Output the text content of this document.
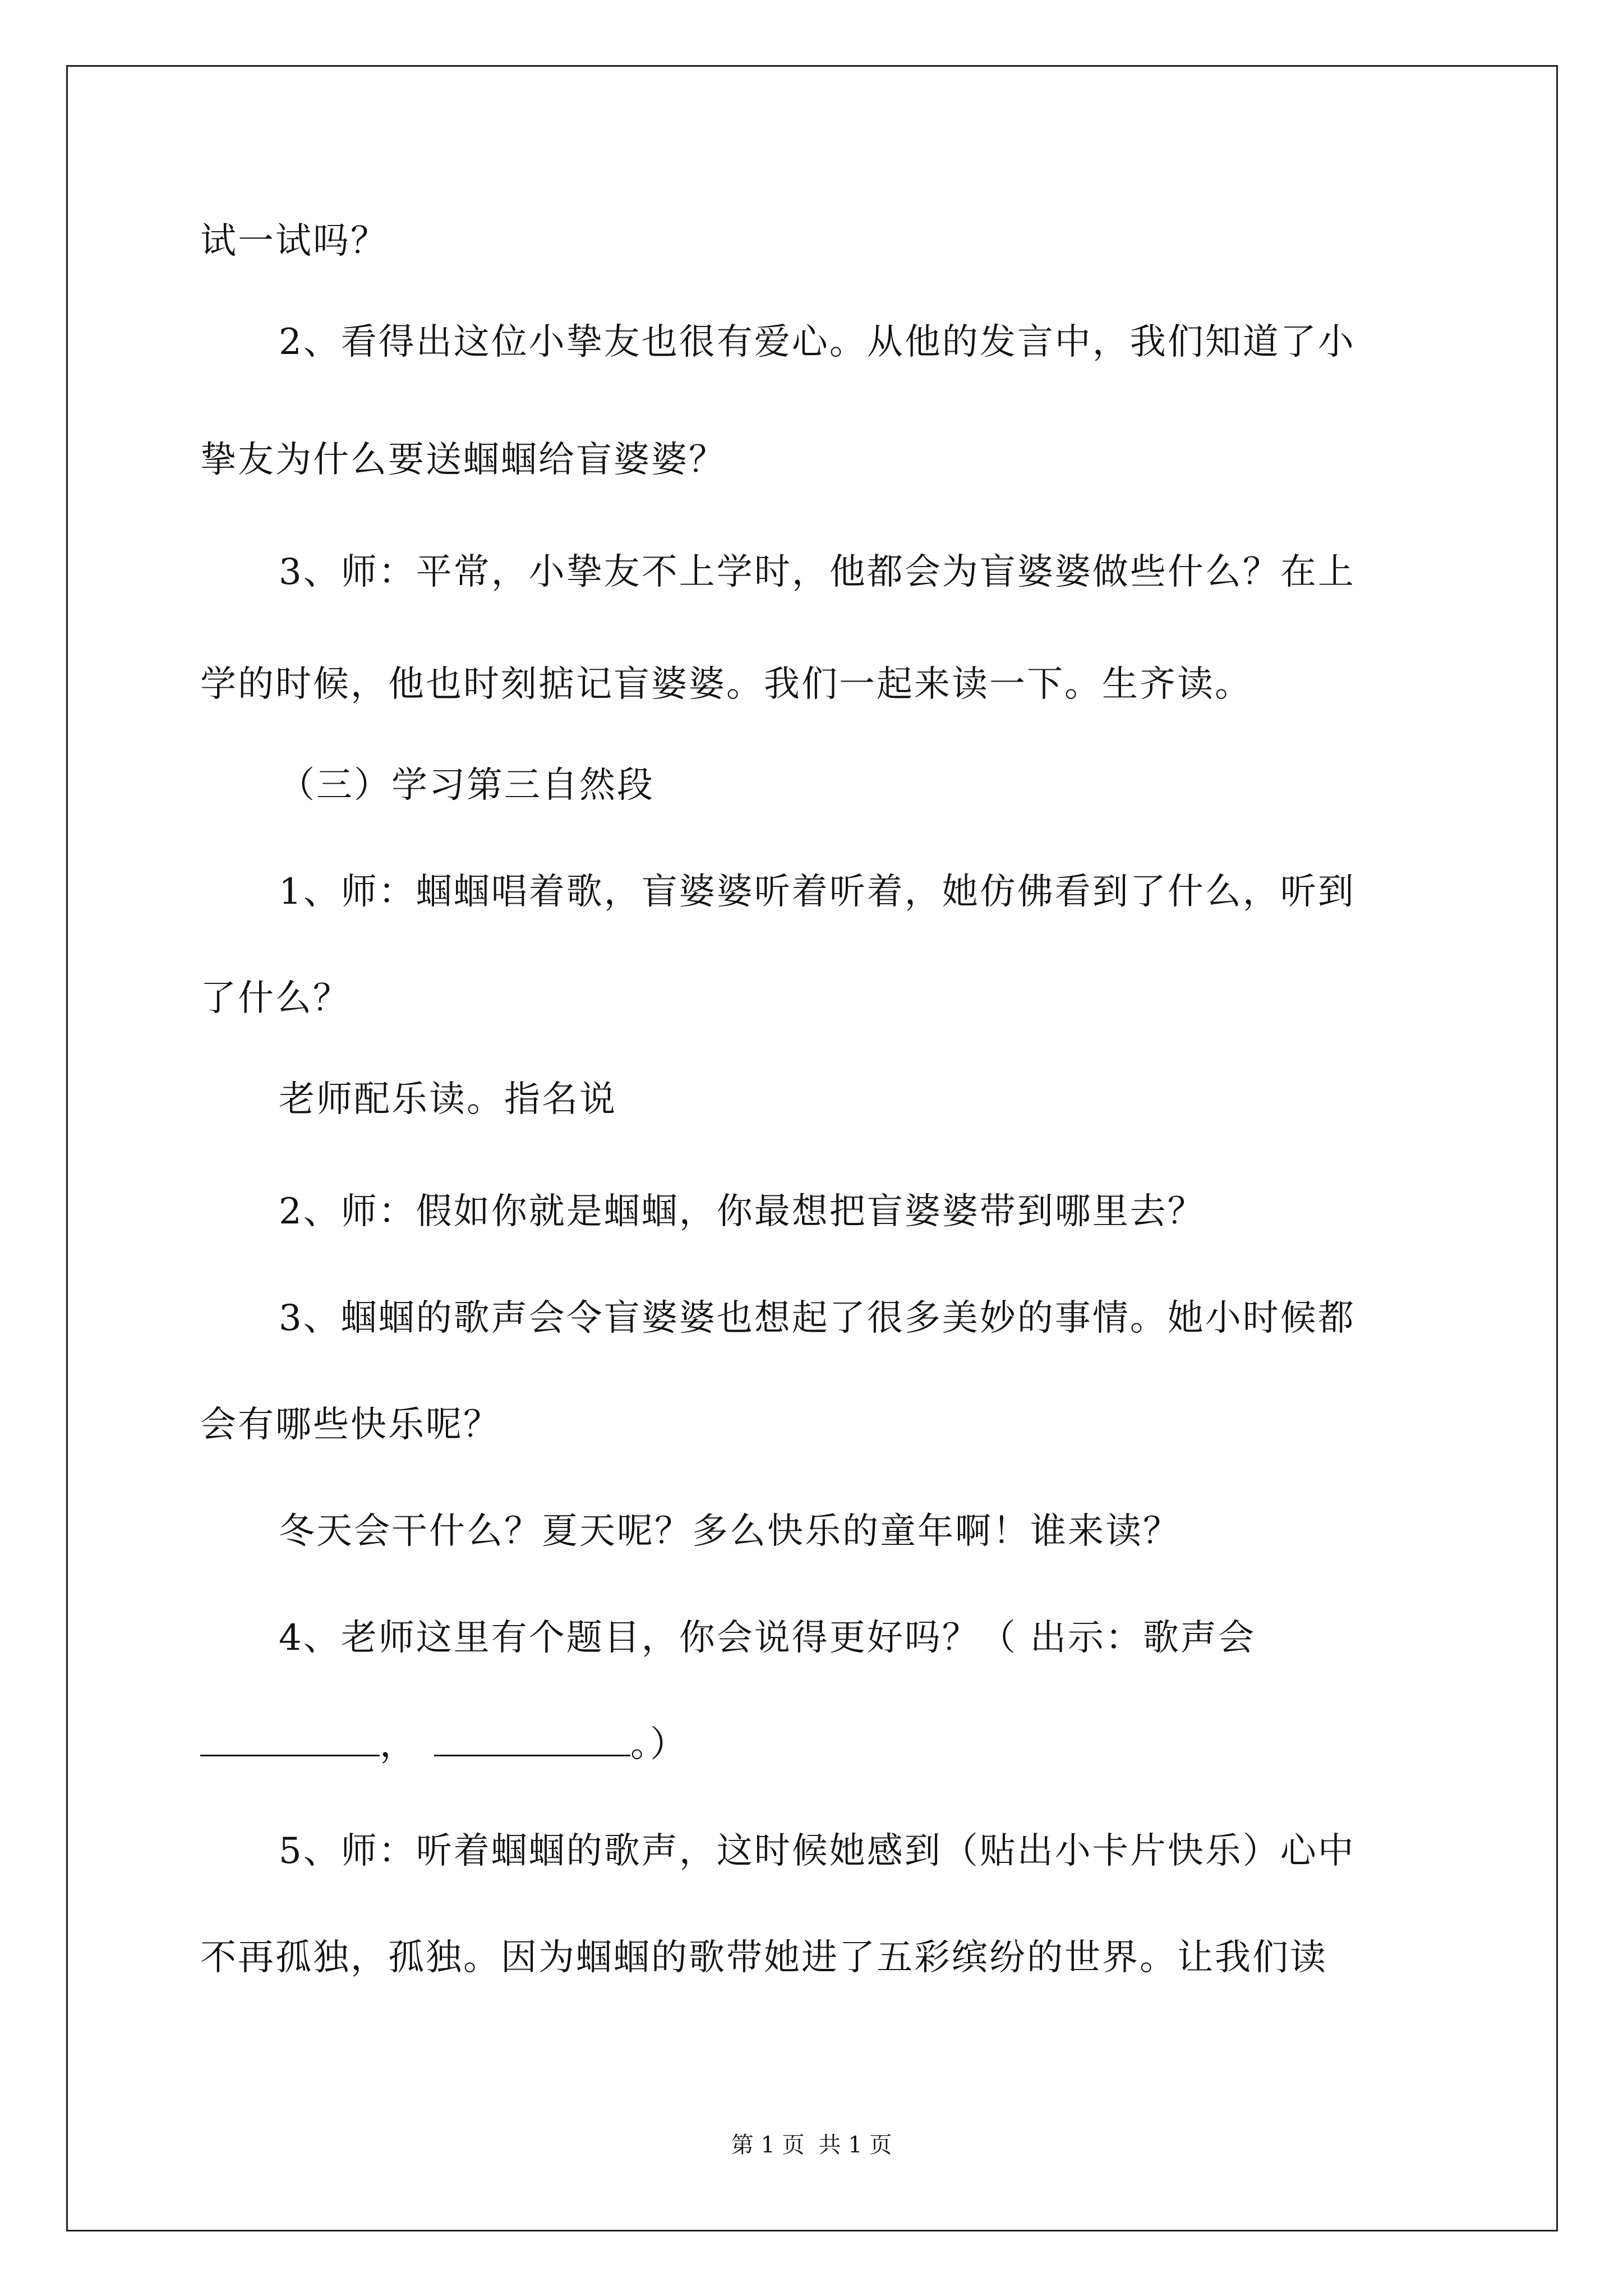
试一试吗？

2、看得出这位小挚友也很有爱心。从他的发言中，我们知道了小

挚友为什么要送蝈蝈给盲婆婆？

3、师：平常，小挚友不上学时，他都会为盲婆婆做些什么？在上

学的时候，他也时刻掂记盲婆婆。我们一起来读一下。生齐读。

（三）学习第三自然段

1、师：蝈蝈唱着歌，盲婆婆听着听着，她仿佛看到了什么，听到

了什么？

老师配乐读。指名说

2、师：假如你就是蝈蝈，你最想把盲婆婆带到哪里去？

3、蝈蝈的歌声会令盲婆婆也想起了很多美妙的事情。她小时候都

会有哪些快乐呢？

冬天会干什么？夏天呢？多么快乐的童年啊！谁来读？

4、老师这里有个题目，你会说得更好吗？（ 出示：歌声会

，	。）

5、师：听着蝈蝈的歌声，这时候她感到（贴出小卡片快乐）心中

不再孤独，孤独。因为蝈蝈的歌带她进了五彩缤纷的世界。让我们读

第 1 页 共 1 页
